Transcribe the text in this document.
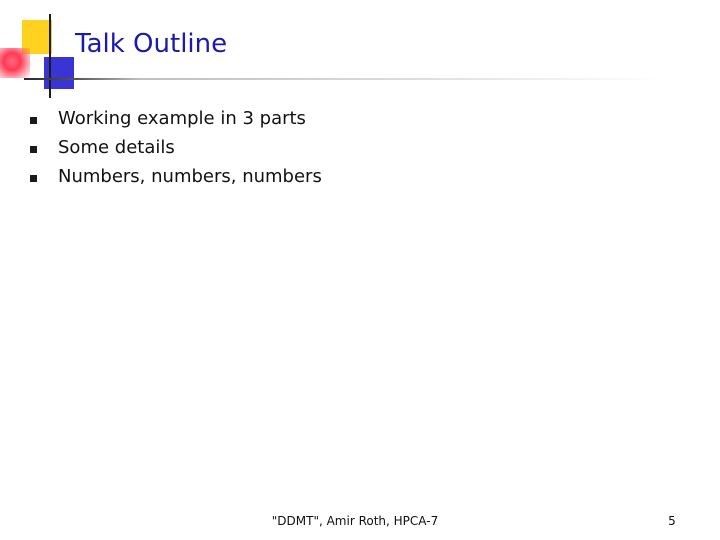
Talk Outline
Working example in 3 parts
Some details
Numbers, numbers, numbers
"DDMT", Amir Roth, HPCA-7	5
